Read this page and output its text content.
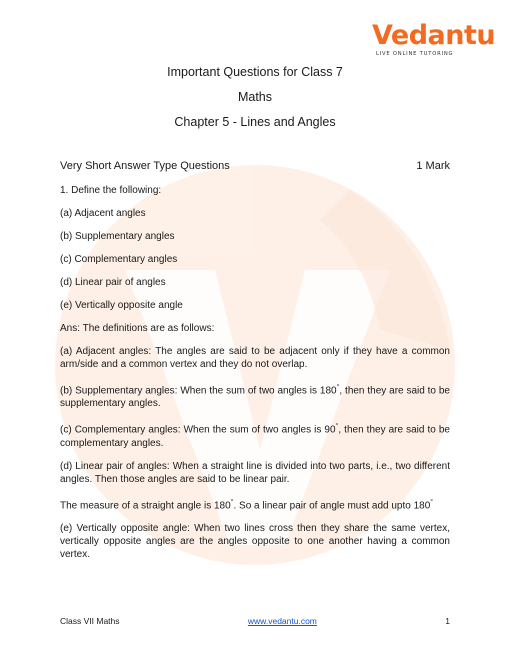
Vedantu
LIVE ONLINE TUTORING
Important Questions for Class 7
Maths
Chapter 5 - Lines and Angles
Very Short Answer Type Questions	1 Mark

1. Define the following:

(a) Adjacent angles

(b) Supplementary angles

(c) Complementary angles

(d) Linear pair of angles

(e) Vertically opposite angle

Ans: The definitions are as follows:

(a) Adjacent angles: The angles are said to be adjacent only if they have a common arm/side and a common vertex and they do not overlap.

(b) Supplementary angles: When the sum of two angles is 180°, then they are said to be supplementary angles.

(c) Complementary angles: When the sum of two angles is 90°, then they are said to be complementary angles.

(d) Linear pair of angles: When a straight line is divided into two parts, i.e., two different angles. Then those angles are said to be linear pair.

The measure of a straight angle is 180°. So a linear pair of angle must add upto 180°

(e) Vertically opposite angle: When two lines cross then they share the same vertex, vertically opposite angles are the angles opposite to one another having a common vertex.

Class VII Maths	www.vedantu.com	1
